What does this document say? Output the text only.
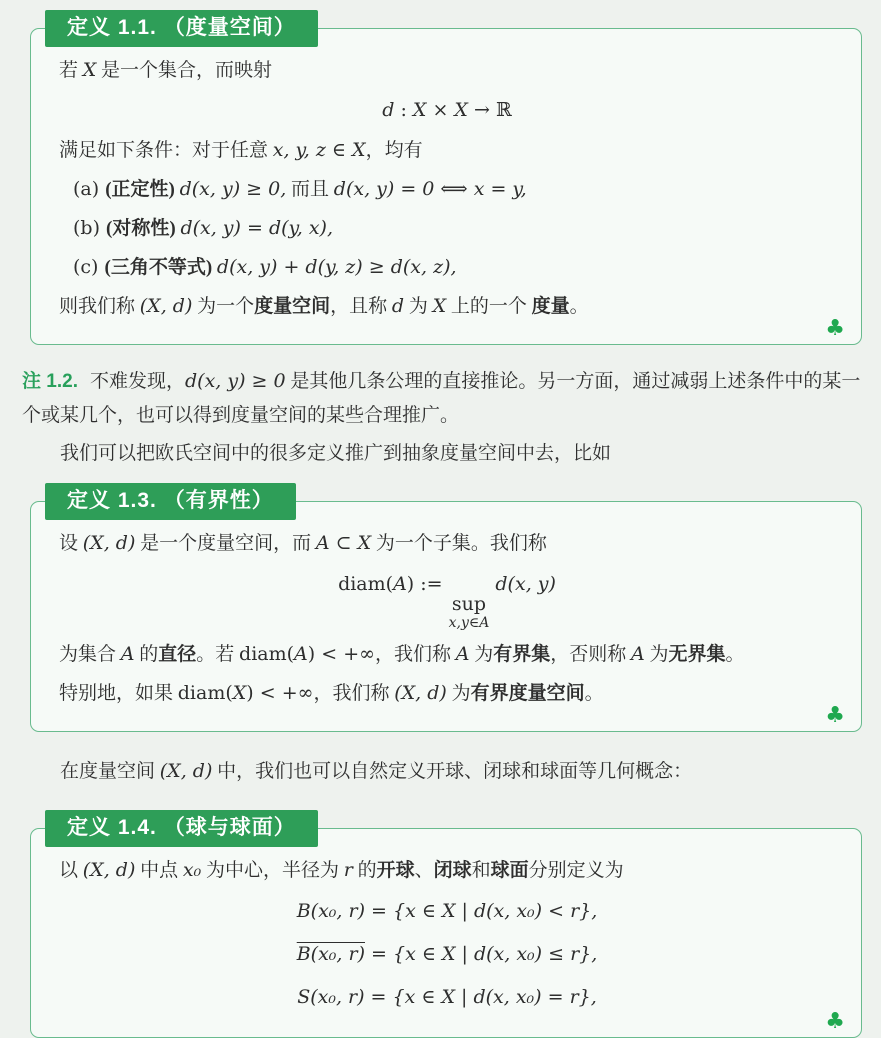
定义 1.1. （度量空间）

若 X 是一个集合，而映射

d : X × X → ℝ

满足如下条件：对于任意 x, y, z ∈ X，均有

(a) (正定性) d(x, y) ≥ 0, 而且 d(x, y) = 0 ⟺ x = y,

(b) (对称性) d(x, y) = d(y, x),

(c) (三角不等式) d(x, y) + d(y, z) ≥ d(x, z),

则我们称 (X, d) 为一个度量空间，且称 d 为 X 上的一个 度量。

♣

注 1.2. 不难发现，d(x, y) ≥ 0 是其他几条公理的直接推论。另一方面，通过减弱上述条件中的某一个或某几个，也可以得到度量空间的某些合理推广。

我们可以把欧氏空间中的很多定义推广到抽象度量空间中去，比如

定义 1.3. （有界性）

设 (X, d) 是一个度量空间，而 A ⊂ X 为一个子集。我们称

diam(A) :=
sup
x,y∈A
d(x, y)

为集合 A 的直径。若 diam(A) < +∞，我们称 A 为有界集，否则称 A 为无界集。

特别地，如果 diam(X) < +∞，我们称 (X, d) 为有界度量空间。

♣

在度量空间 (X, d) 中，我们也可以自然定义开球、闭球和球面等几何概念：

定义 1.4. （球与球面）

以 (X, d) 中点 x₀ 为中心，半径为 r 的开球、闭球和球面分别定义为

B(x₀, r) = {x ∈ X | d(x, x₀) < r},

B(x₀, r) = {x ∈ X | d(x, x₀) ≤ r},

S(x₀, r) = {x ∈ X | d(x, x₀) = r},

♣
